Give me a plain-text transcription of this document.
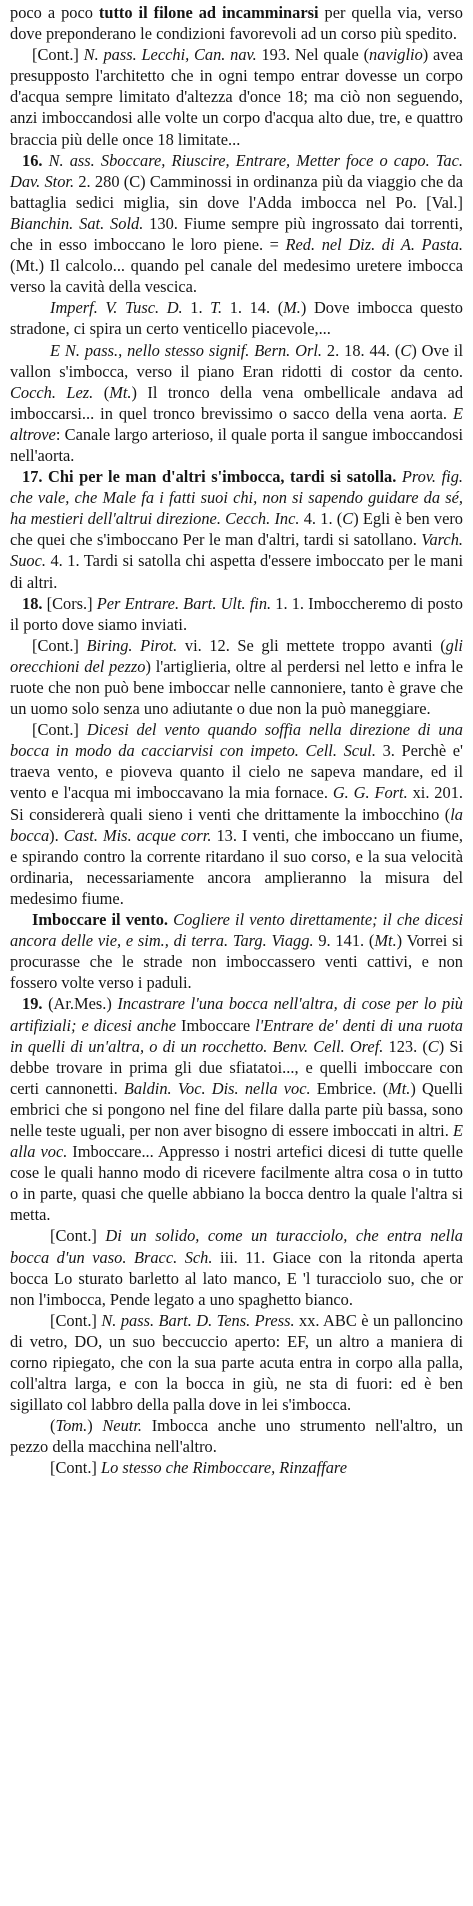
poco a poco tutto il filone ad incamminarsi per quella via, verso dove preponderano le condizioni favorevoli ad un corso più spedito.

[Cont.] N. pass. Lecchi, Can. nav. 193. Nel quale (naviglio) avea presupposto l'architetto che in ogni tempo entrar dovesse un corpo d'acqua sempre limitato d'altezza d'once 18; ma ciò non seguendo, anzi imboccandosi alle volte un corpo d'acqua alto due, tre, e quattro braccia più delle once 18 limitate...

16. N. ass. Sboccare, Riuscire, Entrare, Metter foce o capo. Tac. Dav. Stor. 2. 280 (C) Camminossi in ordinanza più da viaggio che da battaglia sedici miglia, sin dove l'Adda imbocca nel Po. [Val.] Bianchin. Sat. Sold. 130. Fiume sempre più ingrossato dai torrenti, che in esso imboccano le loro piene. = Red. nel Diz. di A. Pasta. (Mt.) Il calcolo... quando pel canale del medesimo uretere imbocca verso la cavità della vescica.

Imperf. V. Tusc. D. 1. T. 1. 14. (M.) Dove imbocca questo stradone, ci spira un certo venticello piacevole,...

E N. pass., nello stesso signif. Bern. Orl. 2. 18. 44. (C) Ove il vallon s'imbocca, verso il piano Eran ridotti di costor da cento. Cocch. Lez. (Mt.) Il tronco della vena ombellicale andava ad imboccarsi... in quel tronco brevissimo o sacco della vena aorta. E altrove: Canale largo arterioso, il quale porta il sangue imboccandosi nell'aorta.

17. Chi per le man d'altri s'imbocca, tardi si satolla. Prov. fig. che vale, che Male fa i fatti suoi chi, non si sapendo guidare da sé, ha mestieri dell'altrui direzione. Cecch. Inc. 4. 1. (C) Egli è ben vero che quei che s'imboccano Per le man d'altri, tardi si satollano. Varch. Suoc. 4. 1. Tardi si satolla chi aspetta d'essere imboccato per le mani di altri.

18. [Cors.] Per Entrare. Bart. Ult. fin. 1. 1. Imboccheremo di posto il porto dove siamo inviati.

[Cont.] Biring. Pirot. vi. 12. Se gli mettete troppo avanti (gli orecchioni del pezzo) l'artiglieria, oltre al perdersi nel letto e infra le ruote che non può bene imboccar nelle cannoniere, tanto è grave che un uomo solo senza uno adiutante o due non la può maneggiare.

[Cont.] Dicesi del vento quando soffia nella direzione di una bocca in modo da cacciarvisi con impeto. Cell. Scul. 3. Perchè e' traeva vento, e pioveva quanto il cielo ne sapeva mandare, ed il vento e l'acqua mi imboccavano la mia fornace. G. G. Fort. xi. 201. Si considererà quali sieno i venti che drittamente la imbocchino (la bocca). Cast. Mis. acque corr. 13. I venti, che imboccano un fiume, e spirando contro la corrente ritardano il suo corso, e la sua velocità ordinaria, necessariamente ancora amplieranno la misura del medesimo fiume.

Imboccare il vento. Cogliere il vento direttamente; il che dicesi ancora delle vie, e sim., di terra. Targ. Viagg. 9. 141. (Mt.) Vorrei si procurasse che le strade non imboccassero venti cattivi, e non fossero volte verso i paduli.

19. (Ar.Mes.) Incastrare l'una bocca nell'altra, di cose per lo più artifiziali; e dicesi anche Imboccare l'Entrare de' denti di una ruota in quelli di un'altra, o di un rocchetto. Benv. Cell. Oref. 123. (C) Si debbe trovare in prima gli due sfiatatoi..., e quelli imboccare con certi cannonetti. Baldin. Voc. Dis. nella voc. Embrice. (Mt.) Quelli embrici che si pongono nel fine del filare dalla parte più bassa, sono nelle teste uguali, per non aver bisogno di essere imboccati in altri. E alla voc. Imboccare... Appresso i nostri artefici dicesi di tutte quelle cose le quali hanno modo di ricevere facilmente altra cosa o in tutto o in parte, quasi che quelle abbiano la bocca dentro la quale l'altra si metta.

[Cont.] Di un solido, come un turacciolo, che entra nella bocca d'un vaso. Bracc. Sch. iii. 11. Giace con la ritonda aperta bocca Lo sturato barletto al lato manco, E 'l turacciolo suo, che or non l'imbocca, Pende legato a uno spaghetto bianco.

[Cont.] N. pass. Bart. D. Tens. Press. xx. ABC è un palloncino di vetro, DO, un suo beccuccio aperto: EF, un altro a maniera di corno ripiegato, che con la sua parte acuta entra in corpo alla palla, coll'altra larga, e con la bocca in giù, ne sta di fuori: ed è ben sigillato col labbro della palla dove in lei s'imbocca.

(Tom.) Neutr. Imbocca anche uno strumento nell'altro, un pezzo della macchina nell'altro.

[Cont.] Lo stesso che Rimboccare, Rinzaffare
